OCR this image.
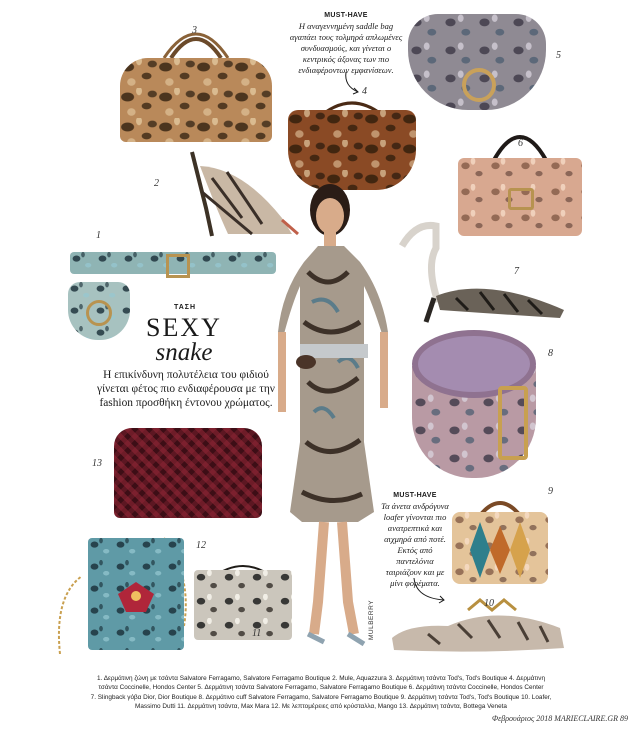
3
4
5
2
6
1
7
8
13
9
12
11
10
MULBERRY
ΤΑΣΗ
SEXY
snake
Η επικίνδυνη πολυτέλεια του φιδιού γίνεται φέτος πιο ενδιαφέρουσα με την fashion προσθήκη έντονου χρώματος.
MUST-HAVE
Η αναγεννημένη saddle bag αγαπάει τους τολμηρά απλωμένες συνδυασμούς, και γίνεται ο κεντρικός άξονας των πιο ενδιαφέροντων εμφανίσεων.
MUST-HAVE
Τα άνετα ανδρόγυνα loafer γίνονται πιο ανατρεπτικά και αιχμηρά από ποτέ. Εκτός από παντελόνια ταιριάζουν και με μίνι φορέματα.
1. Δερμάτινη ζώνη με τσάντα Salvatore Ferragamo, Salvatore Ferragamo Boutique 2. Mule, Aquazzura 3. Δερμάτινη τσάντα Tod's, Tod's Boutique 4. Δερμάτινη
τσάντα Coccinelle, Hondos Center 5. Δερμάτινη τσάντα Salvatore Ferragamo, Salvatore Ferragamo Boutique 6. Δερμάτινη τσάντα Coccinelle, Hondos Center
7. Slingback γόβα Dior, Dior Boutique 8. Δερμάτινο cuff Salvatore Ferragamo, Salvatore Ferragamo Boutique 9. Δερμάτινη τσάντα Tod's, Tod's Boutique 10. Loafer,
Massimo Dutti 11. Δερμάτινη τσάντα, Max Mara 12. Με λεπτομέρειες από κρύσταλλα, Mango 13. Δερμάτινη τσάντα, Bottega Veneta
Φεβρουάριος 2018 MARIECLAIRE.GR 89
